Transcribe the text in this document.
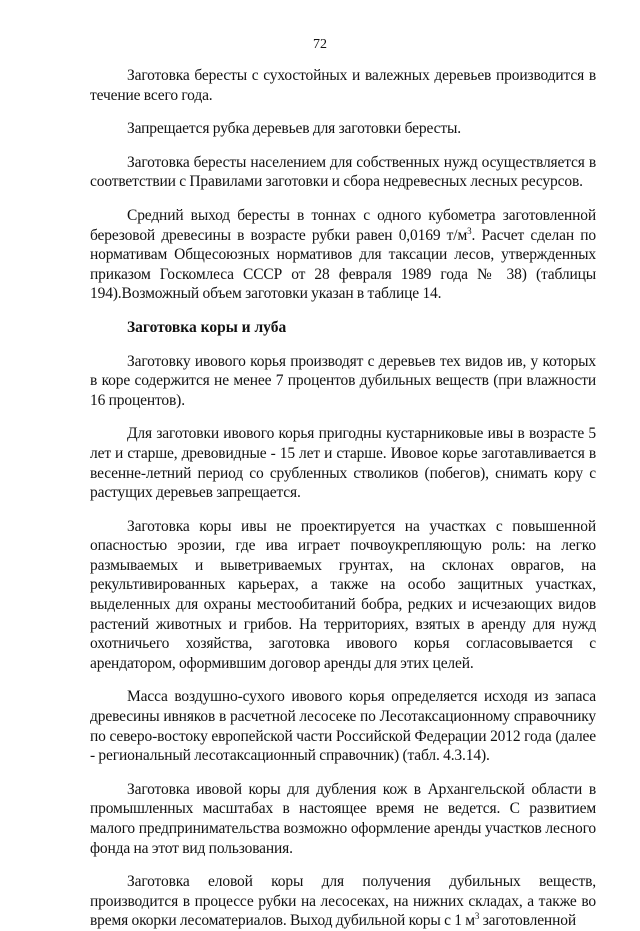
72

Заготовка бересты с сухостойных и валежных деревьев производится в течение всего года.

Запрещается рубка деревьев для заготовки бересты.

Заготовка бересты населением для собственных нужд осуществляется в соответствии с Правилами заготовки и сбора недревесных лесных ресурсов.

Средний выход бересты в тоннах с одного кубометра заготовленной березовой древесины в возрасте рубки равен 0,0169 $т/м^3$. Расчет сделан по нормативам Общесоюзных нормативов для таксации лесов, утвержденных приказом Госкомлеса СССР от 28 февраля 1989 года № 38) (таблицы 194).Возможный объем заготовки указан в таблице 14.

Заготовка коры и луба

Заготовку ивового корья производят с деревьев тех видов ив, у которых в коре содержится не менее 7 процентов дубильных веществ (при влажности 16 процентов).

Для заготовки ивового корья пригодны кустарниковые ивы в возрасте 5 лет и старше, древовидные - 15 лет и старше. Ивовое корье заготавливается в весенне-летний период со срубленных стволиков (побегов), снимать кору с растущих деревьев запрещается.

Заготовка коры ивы не проектируется на участках с повышенной опасностью эрозии, где ива играет почвоукрепляющую роль: на легко размываемых и выветриваемых грунтах, на склонах оврагов, на рекультивированных карьерах, а также на особо защитных участках, выделенных для охраны местообитаний бобра, редких и исчезающих видов растений животных и грибов. На территориях, взятых в аренду для нужд охотничьего хозяйства, заготовка ивового корья согласовывается с арендатором, оформившим договор аренды для этих целей.

Масса воздушно-сухого ивового корья определяется исходя из запаса древесины ивняков в расчетной лесосеке по Лесотаксационному справочнику по северо-востоку европейской части Российской Федерации 2012 года (далее - региональный лесотаксационный справочник) (табл. 4.3.14).

Заготовка ивовой коры для дубления кож в Архангельской области в промышленных масштабах в настоящее время не ведется. С развитием малого предпринимательства возможно оформление аренды участков лесного фонда на этот вид пользования.

Заготовка еловой коры для получения дубильных веществ, производится в процессе рубки на лесосеках, на нижних складах, а также во время окорки лесоматериалов. Выход дубильной коры с 1 $м^3$ заготовленной
